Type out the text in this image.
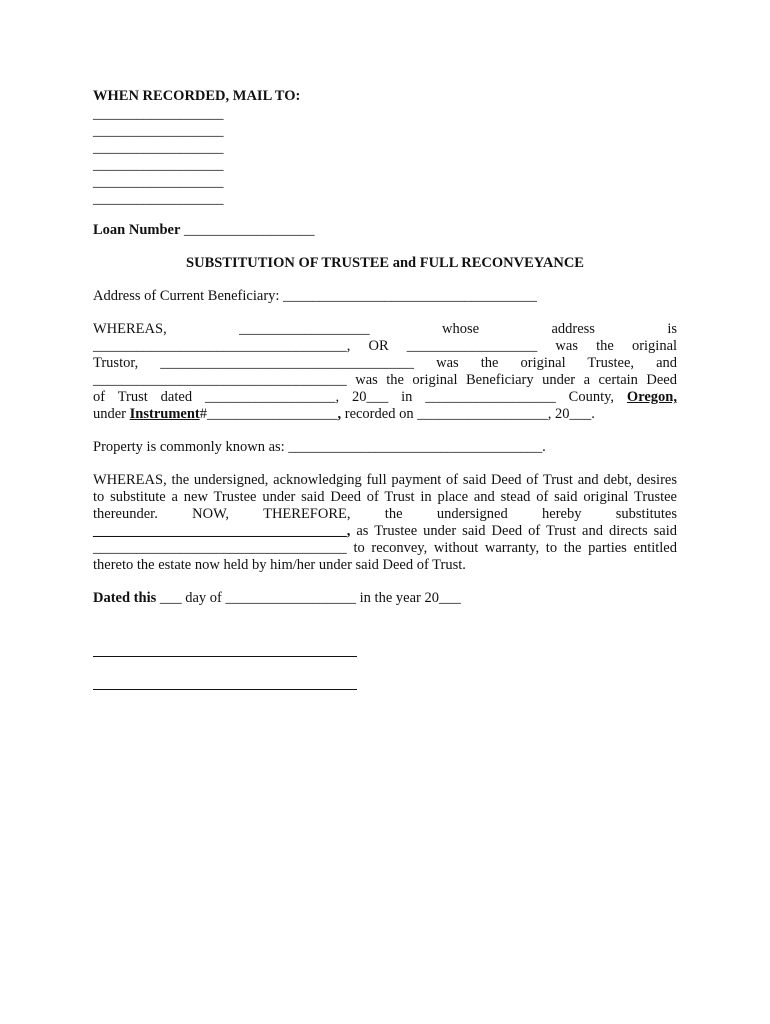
WHEN RECORDED, MAIL TO:

__________________
__________________
__________________
__________________
__________________
__________________

Loan Number __________________

SUBSTITUTION OF TRUSTEE and FULL RECONVEYANCE

Address of Current Beneficiary: ___________________________________

WHEREAS,	__________________	whose	address	is
___________________________________, OR __________________ was the original
Trustor, ___________________________________ was the original Trustee, and
___________________________________ was the original Beneficiary under a certain Deed
of Trust dated __________________, 20___ in __________________ County, Oregon,
under Instrument#__________________, recorded on __________________, 20___.

Property is commonly known as: ___________________________________.

WHEREAS, the undersigned, acknowledging full payment of said Deed of Trust and debt, desires to substitute a new Trustee under said Deed of Trust in place and stead of said original Trustee thereunder. NOW, THEREFORE, the undersigned hereby substitutes ___________________________________, as Trustee under said Deed of Trust and directs said ___________________________________ to reconvey, without warranty, to the parties entitled thereto the estate now held by him/her under said Deed of Trust.

Dated this ___ day of __________________ in the year 20___
